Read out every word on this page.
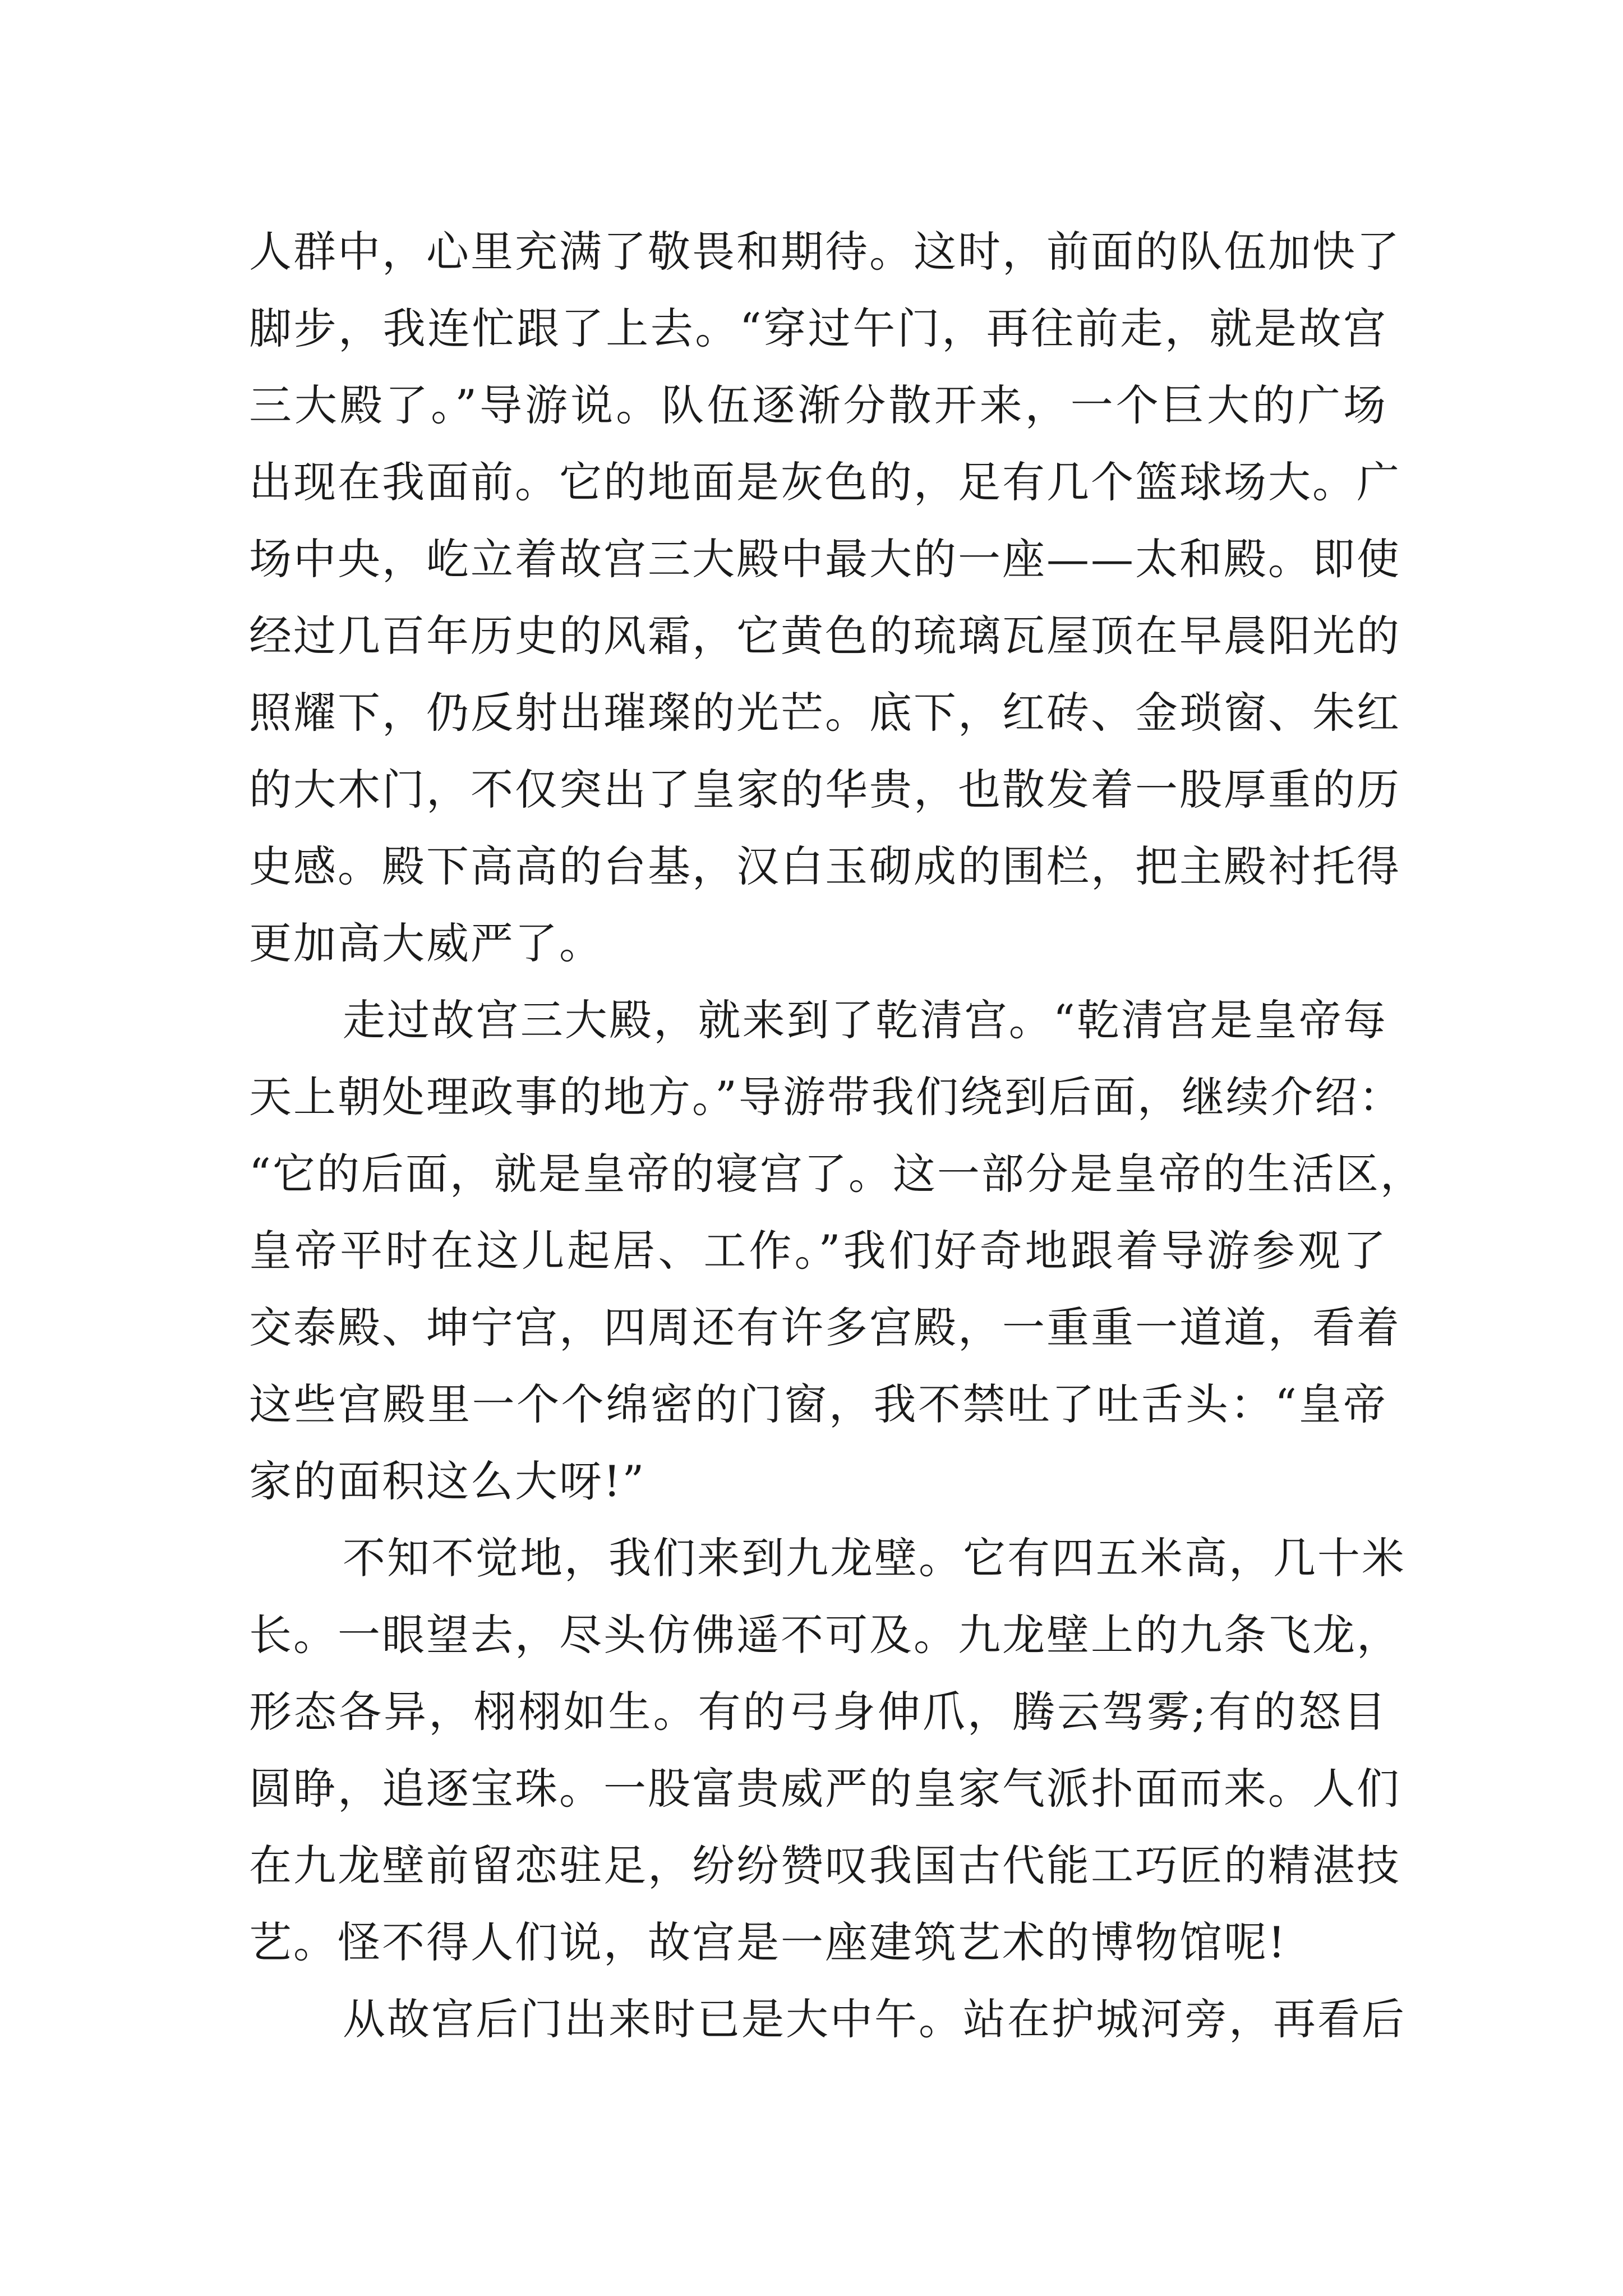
人群中，心里充满了敬畏和期待。这时，前面的队伍加快了
脚步，我连忙跟了上去。“穿过午门，再往前走，就是故宫
三大殿了。”导游说。队伍逐渐分散开来，一个巨大的广场
出现在我面前。它的地面是灰色的，足有几个篮球场大。广
场中央，屹立着故宫三大殿中最大的一座——太和殿。即使
经过几百年历史的风霜，它黄色的琉璃瓦屋顶在早晨阳光的
照耀下，仍反射出璀璨的光芒。底下，红砖、金琐窗、朱红
的大木门，不仅突出了皇家的华贵，也散发着一股厚重的历
史感。殿下高高的台基，汉白玉砌成的围栏，把主殿衬托得
更加高大威严了。
走过故宫三大殿，就来到了乾清宫。“乾清宫是皇帝每
天上朝处理政事的地方。”导游带我们绕到后面，继续介绍：
“它的后面，就是皇帝的寝宫了。这一部分是皇帝的生活区，
皇帝平时在这儿起居、工作。”我们好奇地跟着导游参观了
交泰殿、坤宁宫，四周还有许多宫殿，一重重一道道，看着
这些宫殿里一个个绵密的门窗，我不禁吐了吐舌头：“皇帝
家的面积这么大呀!”
不知不觉地，我们来到九龙壁。它有四五米高，几十米
长。一眼望去，尽头仿佛遥不可及。九龙壁上的九条飞龙，
形态各异，栩栩如生。有的弓身伸爪，腾云驾雾;有的怒目
圆睁，追逐宝珠。一股富贵威严的皇家气派扑面而来。人们
在九龙壁前留恋驻足，纷纷赞叹我国古代能工巧匠的精湛技
艺。怪不得人们说，故宫是一座建筑艺术的博物馆呢!
从故宫后门出来时已是大中午。站在护城河旁，再看后
